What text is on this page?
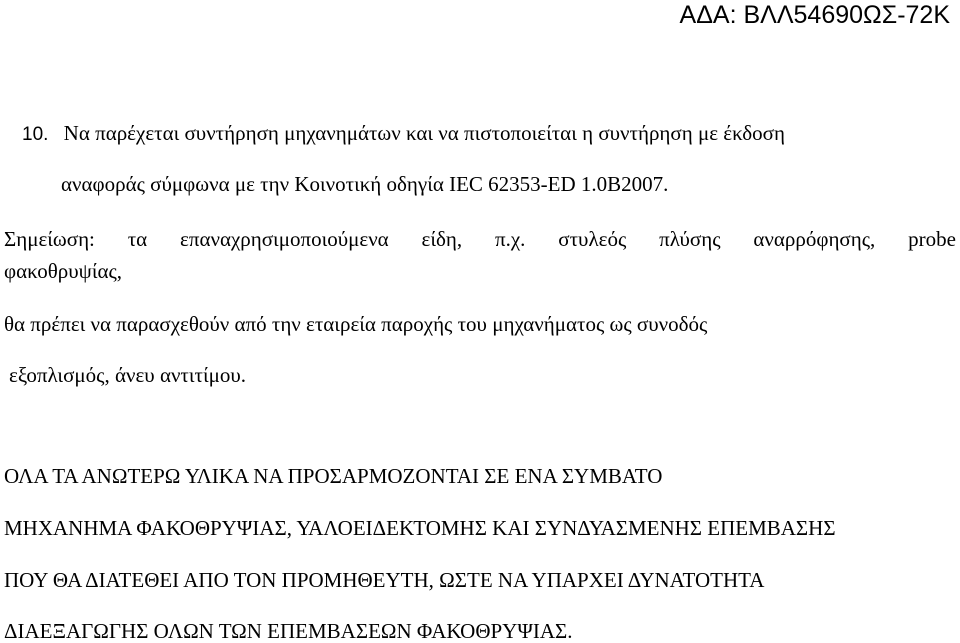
ΑΔΑ: ΒΛΛ54690ΩΣ-72Κ
10. Να παρέχεται συντήρηση μηχανημάτων και να πιστοποιείται η συντήρηση με έκδοση
αναφοράς σύμφωνα με την Κοινοτική οδηγία IEC 62353-ED 1.0B2007.
Σημείωση: τα επαναχρησιμοποιούμενα είδη, π.χ. στυλεός πλύσης αναρρόφησης, probe
φακοθρυψίας,
θα πρέπει να παρασχεθούν από την εταιρεία παροχής του μηχανήματος ως συνοδός
εξοπλισμός, άνευ αντιτίμου.
ΟΛΑ ΤΑ ΑΝΩΤΕΡΩ ΥΛΙΚΑ ΝΑ ΠΡΟΣΑΡΜΟΖΟΝΤΑΙ ΣΕ ΕΝΑ ΣΥΜΒΑΤΟ
ΜΗΧΑΝΗΜΑ ΦΑΚΟΘΡΥΨΙΑΣ, ΥΑΛΟΕΙΔΕΚΤΟΜΗΣ ΚΑΙ ΣΥΝΔΥΑΣΜΕΝΗΣ ΕΠΕΜΒΑΣΗΣ
ΠΟΥ ΘΑ ΔΙΑΤΕΘΕΙ ΑΠΟ ΤΟΝ ΠΡΟΜΗΘΕΥΤΗ, ΩΣΤΕ ΝΑ ΥΠΑΡΧΕΙ ΔΥΝΑΤΟΤΗΤΑ
ΔΙΑΕΞΑΓΩΓΗΣ ΟΛΩΝ ΤΩΝ ΕΠΕΜΒΑΣΕΩΝ ΦΑΚΟΘΡΥΨΙΑΣ.
